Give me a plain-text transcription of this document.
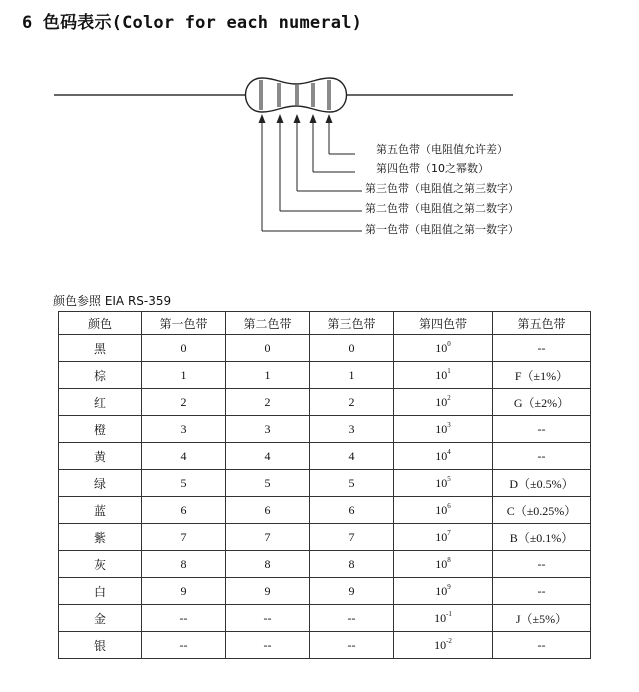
6 色码表示(Color for each numeral)
第五色带（电阻值允许差）
第四色带（10之幂数）
第三色带（电阻值之第三数字）
第二色带（电阻值之第二数字）
第一色带（电阻值之第一数字）
颜色参照 EIA RS-359
颜色	第一色带	第二色带	第三色带	第四色带	第五色带
黑	0	0	0	$10^0$	--
棕	1	1	1	$10^1$	F（±1%）
红	2	2	2	$10^2$	G（±2%）
橙	3	3	3	$10^3$	--
黄	4	4	4	$10^4$	--
绿	5	5	5	$10^5$	D（±0.5%）
蓝	6	6	6	$10^6$	C（±0.25%）
紫	7	7	7	$10^7$	B（±0.1%）
灰	8	8	8	$10^8$	--
白	9	9	9	$10^9$	--
金	--	--	--	$10^{-1}$	J（±5%）
银	--	--	--	$10^{-2}$	--
